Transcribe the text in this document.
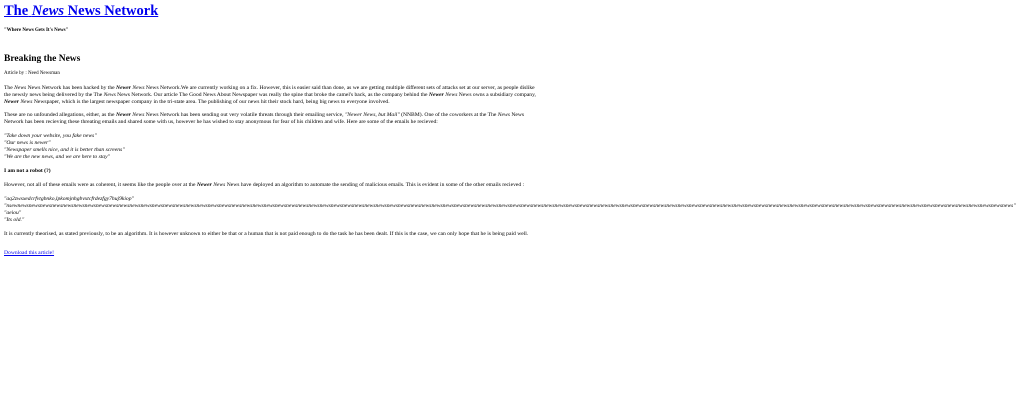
The News News Network
"Where News Gets It's News"
Breaking the News
Article by : Need Newsman

The News News Network has been hacked by the Newer News News Network.We are currently working on a fix. However, this is easier said than done, as we are getting multiple different sets of attacks set at our server, as people dislike the newsly news being delivered by the The News News Network. Our article The Good News About Newspaper was really the spine that broke the camel's back, as the company behind the Newer News News owns a subsidiary company, Newer News Newspaper, which is the largest newspaper company in the tri-state area. The publishing of our news hit their stock hard, being big news to everyone involved.

These are no unfounded allegations, either, as the Newer News News Network has been sending out very volatile threats through their emailing service, "Newer News, but Mail" (NNBM). One of the coworkers at the The News News Network has been recieving these threating emails and shared some with us, however he has wished to stay anonymous for fear of his children and wife. Here are some of the emails he recieved:

"Take down your website, you fake news"
"Our news is newer"
"Newspaper smells nice, and it is better than screens"
"We are the new news, and we are here to stay"
I am not a robot (?)

However, not all of these emails were as coherent, it seems like the people over at the Newer News News have deployed an algorithm to automate the sending of malicious emails. This is evident in some of the other emails recieved :

"aq2zwsxedcrfvtgbnko,lpkomjnhgbvxtcfrdezfgy7huj9kiop"
"nsewnewsnewsnewsnewsnewsnewsnewsnewsnewsnewsnewsnewsnewsnewsnewsnewsnewsnewsnewsnewsnewsnewsnewsnewsnewsnewsnewsnewsnewsnewsnewsnewsnewsnewsnewsnewsnewsnewsnewsnewsnewsnewsnewsnewsnewsnewsnewsnewsnewsnewsnewsnewsnewsnewsnewsnewsnewsnewsnewsnewsnewsnewsnewsnewsnewsnewsnewsnewsnewsnewsnewsnewsnewsnewsnewsnewsnewsnewsnewsnewsnewsnewsnewsnewsnewsnewsnewsnewsnews"
"aeiou"
"Its old."

It is currently theorised, as stated previously, to be an algorithm. It is however unknown to either be that or a human that is not paid enough to do the task he has been dealt. If this is the case, we can only hope that he is being paid well.

Download this article!
